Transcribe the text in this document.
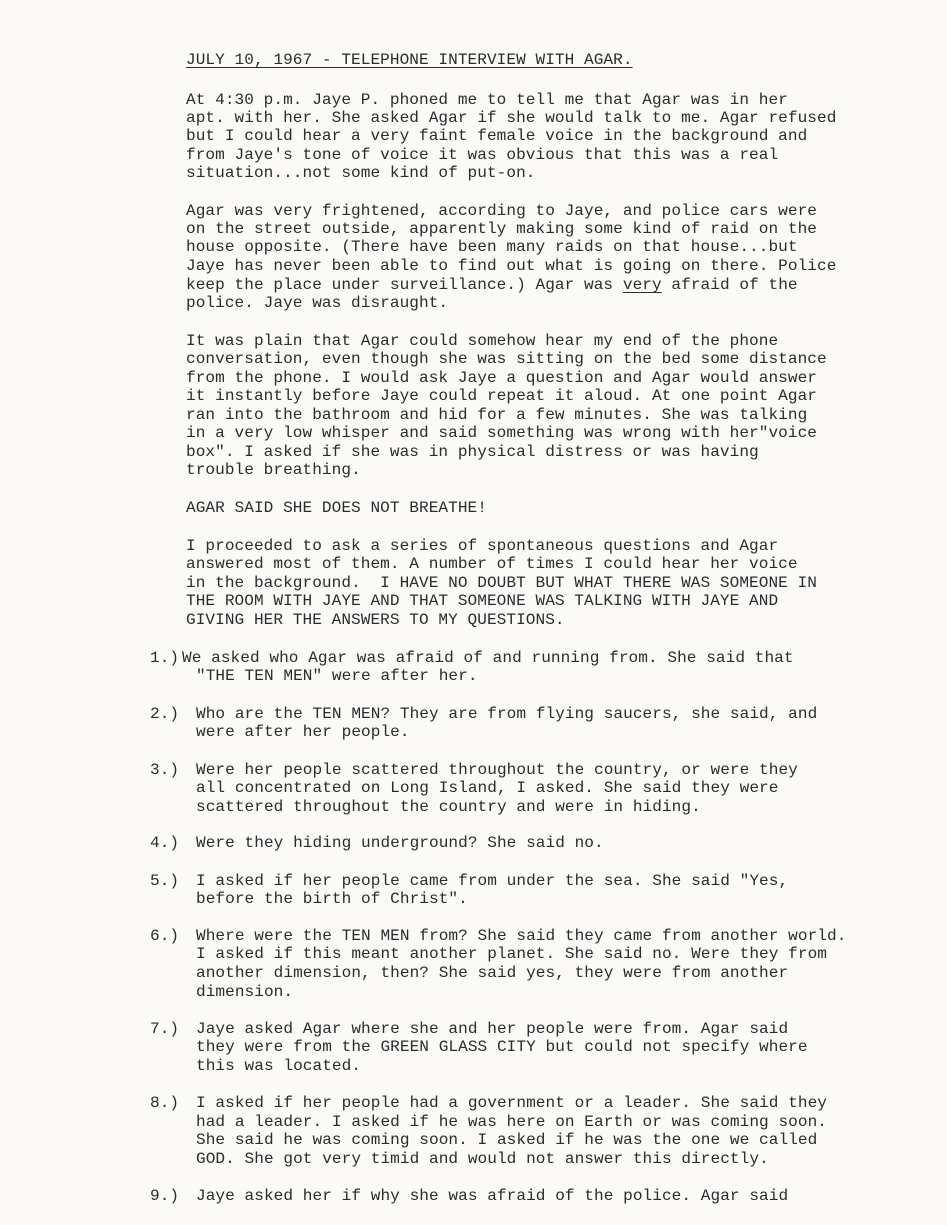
JULY 10, 1967 - TELEPHONE INTERVIEW WITH AGAR.
At 4:30 p.m. Jaye P. phoned me to tell me that Agar was in her
apt. with her. She asked Agar if she would talk to me. Agar refused
but I could hear a very faint female voice in the background and
from Jaye's tone of voice it was obvious that this was a real
situation...not some kind of put-on.
Agar was very frightened, according to Jaye, and police cars were
on the street outside, apparently making some kind of raid on the
house opposite. (There have been many raids on that house...but
Jaye has never been able to find out what is going on there. Police
keep the place under surveillance.) Agar was very afraid of the
police. Jaye was disraught.
It was plain that Agar could somehow hear my end of the phone
conversation, even though she was sitting on the bed some distance
from the phone. I would ask Jaye a question and Agar would answer
it instantly before Jaye could repeat it aloud. At one point Agar
ran into the bathroom and hid for a few minutes. She was talking
in a very low whisper and said something was wrong with her"voice
box". I asked if she was in physical distress or was having
trouble breathing.
AGAR SAID SHE DOES NOT BREATHE!
I proceeded to ask a series of spontaneous questions and Agar
answered most of them. A number of times I could hear her voice
in the background.  I HAVE NO DOUBT BUT WHAT THERE WAS SOMEONE IN
THE ROOM WITH JAYE AND THAT SOMEONE WAS TALKING WITH JAYE AND
GIVING HER THE ANSWERS TO MY QUESTIONS.
1.) We asked who Agar was afraid of and running from. She said that
"THE TEN MEN" were after her.
2.) Who are the TEN MEN? They are from flying saucers, she said, and
were after her people.
3.) Were her people scattered throughout the country, or were they
all concentrated on Long Island, I asked. She said they were
scattered throughout the country and were in hiding.
4.) Were they hiding underground? She said no.
5.) I asked if her people came from under the sea. She said "Yes,
before the birth of Christ".
6.) Where were the TEN MEN from? She said they came from another world.
I asked if this meant another planet. She said no. Were they from
another dimension, then? She said yes, they were from another
dimension.
7.) Jaye asked Agar where she and her people were from. Agar said
they were from the GREEN GLASS CITY but could not specify where
this was located.
8.) I asked if her people had a government or a leader. She said they
had a leader. I asked if he was here on Earth or was coming soon.
She said he was coming soon. I asked if he was the one we called
GOD. She got very timid and would not answer this directly.
9.) Jaye asked her if why she was afraid of the police. Agar said
